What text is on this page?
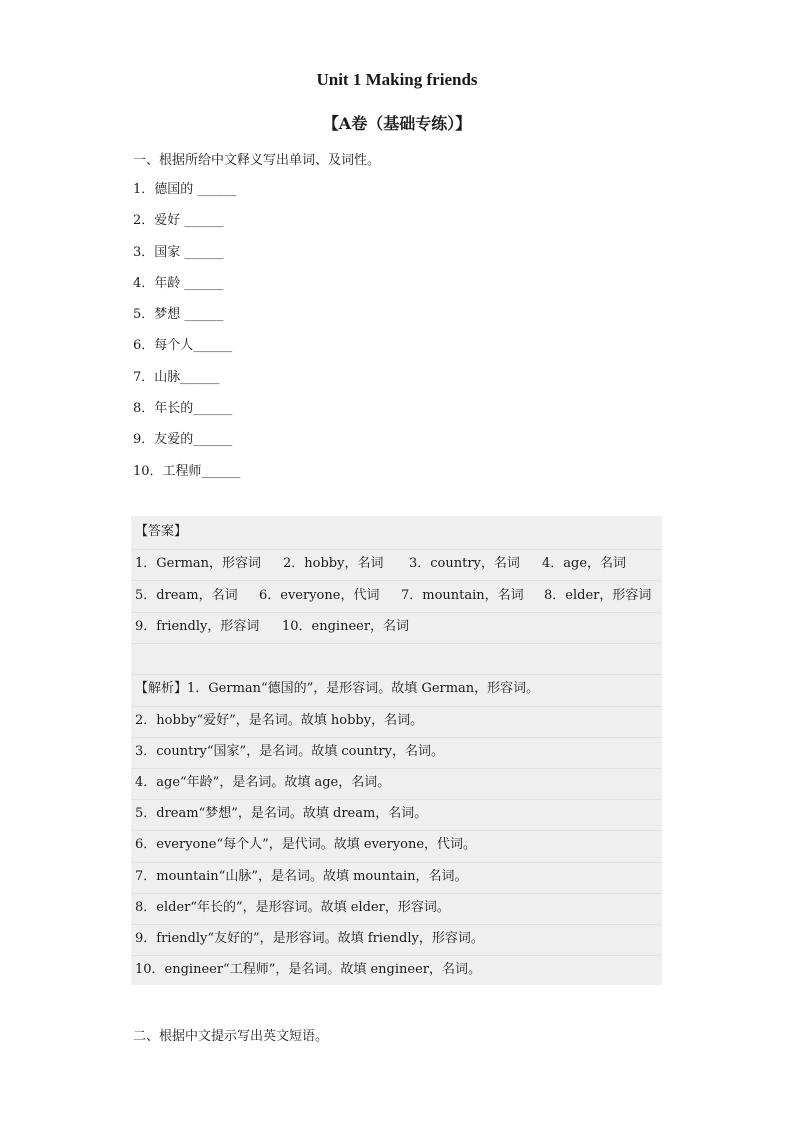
Unit 1 Making friends
【A卷（基础专练）】
一、根据所给中文释义写出单词、及词性。
1．德国的 ______
2．爱好 ______
3．国家 ______
4．年龄 ______
5．梦想 ______
6．每个人______
7．山脉______
8．年长的______
9．友爱的______
10．工程师______
【答案】
1．German，形容词 2．hobby，名词 3．country，名词 4．age，名词
5．dream，名词 6．everyone，代词 7．mountain，名词 8．elder，形容词
9．friendly，形容词 10．engineer，名词
【解析】1．German“德国的”，是形容词。故填 German，形容词。
2．hobby“爱好”，是名词。故填 hobby，名词。
3．country“国家”，是名词。故填 country，名词。
4．age“年龄”，是名词。故填 age，名词。
5．dream“梦想”，是名词。故填 dream，名词。
6．everyone“每个人”，是代词。故填 everyone，代词。
7．mountain“山脉”，是名词。故填 mountain，名词。
8．elder“年长的”，是形容词。故填 elder，形容词。
9．friendly“友好的”，是形容词。故填 friendly，形容词。
10．engineer“工程师”，是名词。故填 engineer，名词。
二、根据中文提示写出英文短语。
